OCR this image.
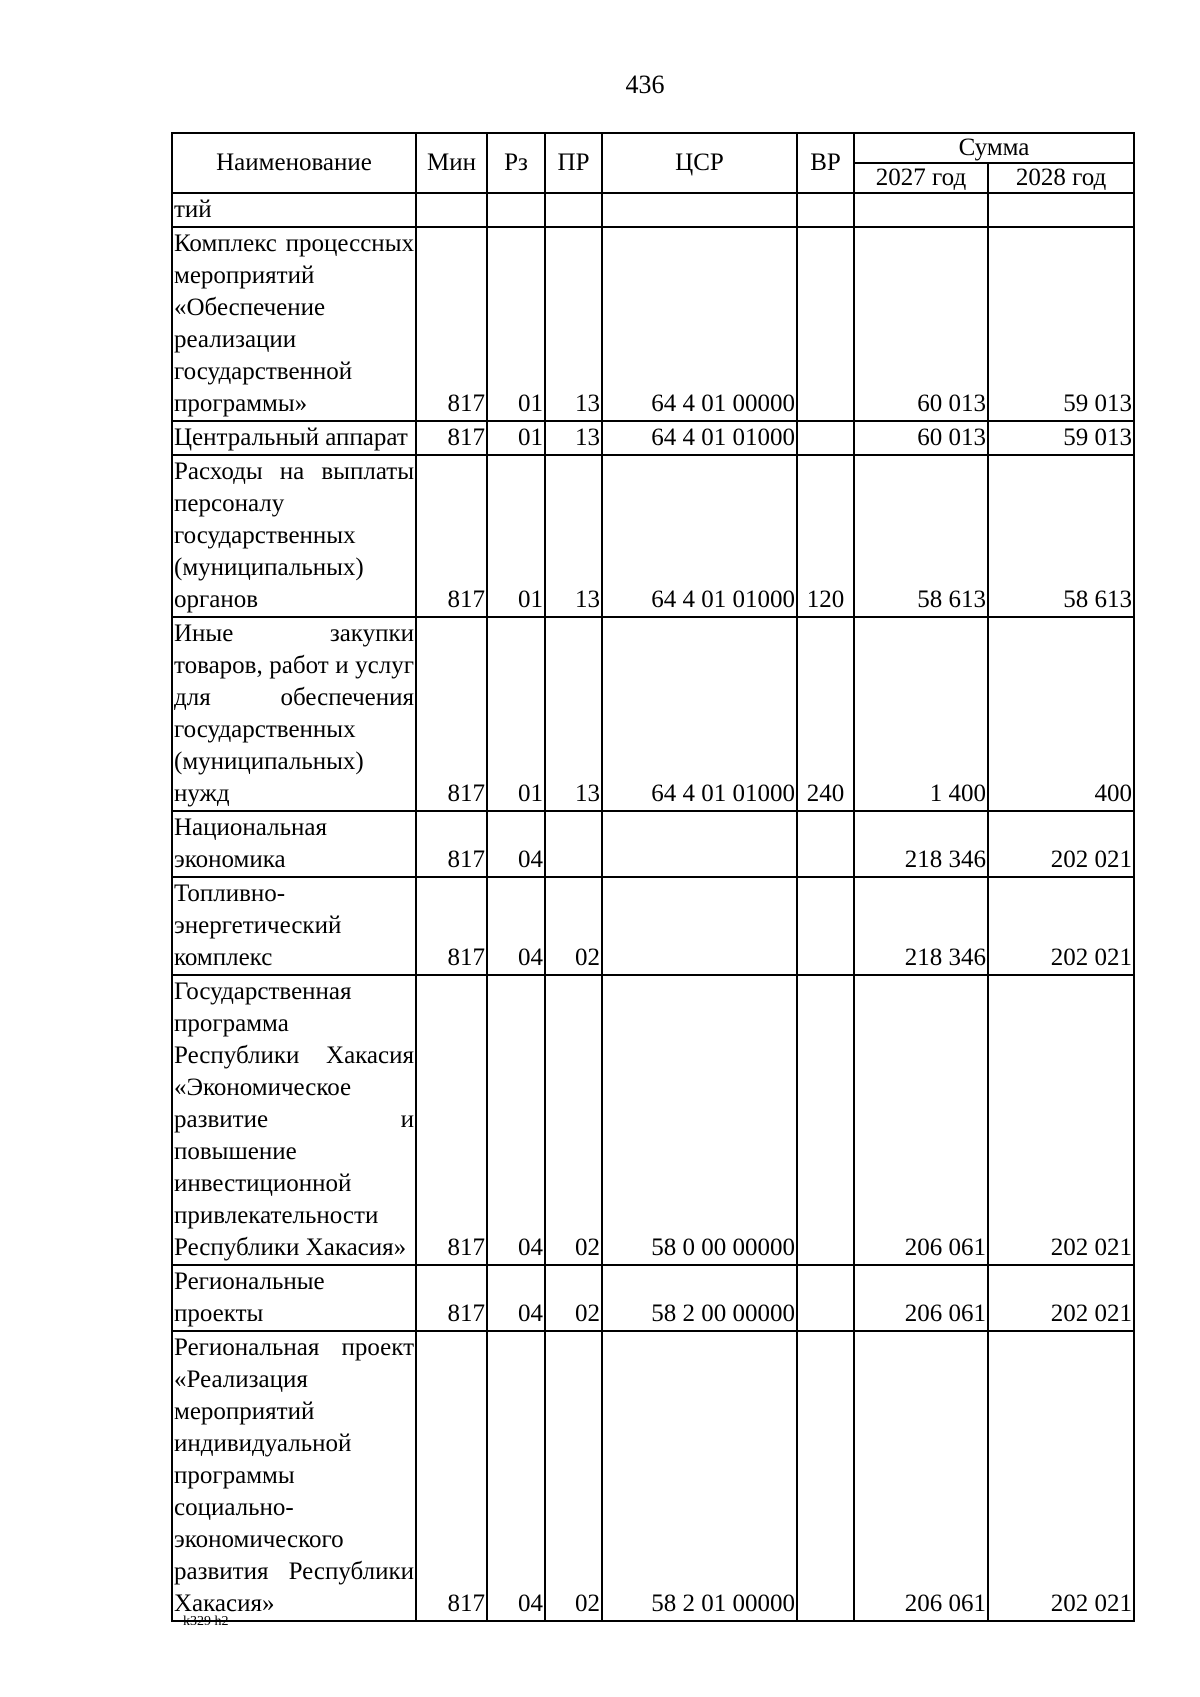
436
Наименование	Мин	Рз	ПР	ЦСР	ВР	Сумма	
						2027 год	2028 год
тий							
Комплекс процессных мероприятий «Обеспечение реализации государственной программы»	817	01	13	64 4 01 00000		60 013	59 013
Центральный аппарат	817	01	13	64 4 01 01000		60 013	59 013
Расходы на выплаты персоналу государственных (муниципальных) органов	817	01	13	64 4 01 01000	120	58 613	58 613
Иные закупки товаров, работ и услуг для обеспечения государственных (муниципальных) нужд	817	01	13	64 4 01 01000	240	1 400	400
Национальная экономика	817	04				218 346	202 021
Топливно-энергетический комплекс	817	04	02			218 346	202 021
Государственная программа Республики Хакасия «Экономическое развитие и повышение инвестиционной привлекательности Республики Хакасия»	817	04	02	58 0 00 00000		206 061	202 021
Региональные проекты	817	04	02	58 2 00 00000		206 061	202 021
Региональная проект «Реализация мероприятий индивидуальной программы социально-экономического развития Республики Хакасия»	817	04	02	58 2 01 00000		206 061	202 021
k329 h2
